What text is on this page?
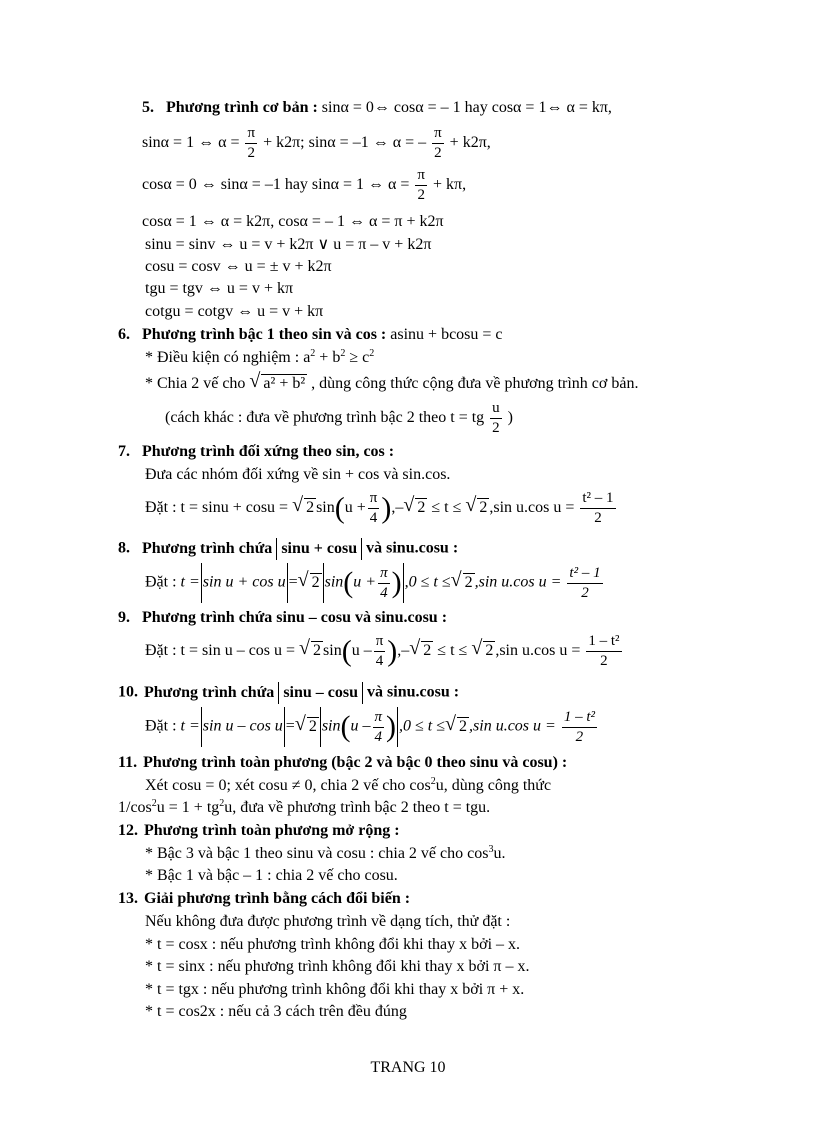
5. Phương trình cơ bản : sinα = 0⇔ cosα = – 1 hay cosα = 1⇔ α = kπ,
sinα = 1 ⇔ $\alpha = \frac{\pi}{2} + k2\pi$; sinα = –1 ⇔ α = – $\frac{\pi}{2} + k2\pi$,
cosα = 0 ⇔ sinα = –1 hay sinα = 1 ⇔ $\alpha = \frac{\pi}{2} + k\pi$,
cosα = 1 ⇔ α = k2π, cosα = – 1 ⇔ α = π + k2π
sinu = sinv ⇔ u = v + k2π ∨ u = π – v + k2π
cosu = cosv ⇔ u = ± v + k2π
tgu = tgv ⇔ u = v + kπ
cotgu = cotgv ⇔ u = v + kπ
6. Phương trình bậc 1 theo sin và cos : asinu + bcosu = c
* Điều kiện có nghiệm : $a^2 + b^2 \ge c^2$
* Chia 2 vế cho √ a² + b² , dùng công thức cộng đưa về phương trình cơ bản.
(cách khác : đưa về phương trình bậc 2 theo t = tg $\frac{u}{2}$ )
7. Phương trình đối xứng theo sin, cos :
Đưa các nhóm đối xứng về sin + cos và sin.cos.
Đặt : t = sinu + cosu = √ 2 $\sin(u + \frac{\pi}{4}$ ),– √ 2 ≤ t ≤ √ 2 ,sin u.cos $u = \frac{\text{t² – 1}}{2}$
8. Phương trình chứa sinu + cosu và sinu.cosu :
Đặt : t = sin u + cos u = √ 2 $\sin(u + \frac{\pi}{4}$ ) ,0 ≤ t ≤ √ 2 ,sin u.cos $u = \frac{\text{t² – 1}}{2}$
9. Phương trình chứa sinu – cosu và sinu.cosu :
Đặt : t = sin u – cos u = √ 2 $\sin(u - \frac{\pi}{4}$ ),– √ 2 ≤ t ≤ √ 2 ,sin u.cos $u = \frac{\text{1 – t²}}{2}$
10. Phương trình chứa sinu – cosu và sinu.cosu :
Đặt : t = sin u – cos u = √ 2 $\sin(u - \frac{\pi}{4}$ ) ,0 ≤ t ≤ √ 2 ,sin u.cos $u = \frac{\text{1 – t²}}{2}$
11. Phương trình toàn phương (bậc 2 và bậc 0 theo sinu và cosu) :
Xét cosu = 0; xét cosu ≠ 0, chia 2 vế cho $\cos^2u$, dùng công thức
$1/\cos^2u = 1 + tg^2u$, đưa về phương trình bậc 2 theo t = tgu.
12. Phương trình toàn phương mở rộng :
* Bậc 3 và bậc 1 theo sinu và cosu : chia 2 vế cho $\cos^3u$.
* Bậc 1 và bậc – 1 : chia 2 vế cho cosu.
13. Giải phương trình bằng cách đổi biến :
Nếu không đưa được phương trình về dạng tích, thử đặt :
* t = cosx : nếu phương trình không đổi khi thay x bởi – x.
* t = sinx : nếu phương trình không đổi khi thay x bởi π – x.
* t = tgx : nếu phương trình không đổi khi thay x bởi π + x.
* t = cos2x : nếu cả 3 cách trên đều đúng
TRANG 10
